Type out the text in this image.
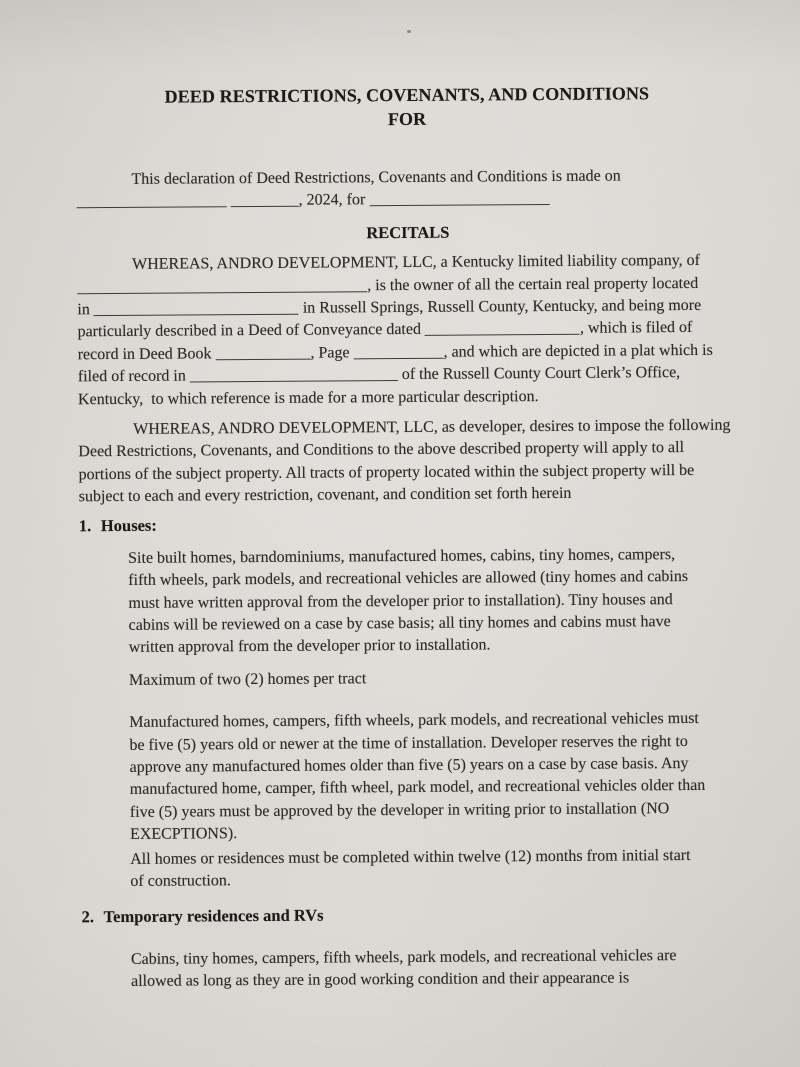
DEED RESTRICTIONS, COVENANTS, AND CONDITIONS
FOR
This declaration of Deed Restrictions, Covenants and Conditions is made on
, 2024, for
RECITALS
WHEREAS, ANDRO DEVELOPMENT, LLC, a Kentucky limited liability company, of
, is the owner of all the certain real property located
in	in Russell Springs, Russell County, Kentucky, and being more
particularly described in a Deed of Conveyance dated	, which is filed of
record in Deed Book	, Page	, and which are depicted in a plat which is
filed of record in	of the Russell County Court Clerk’s Office,
Kentucky,  to which reference is made for a more particular description.
WHEREAS, ANDRO DEVELOPMENT, LLC, as developer, desires to impose the following
Deed Restrictions, Covenants, and Conditions to the above described property will apply to all
portions of the subject property. All tracts of property located within the subject property will be
subject to each and every restriction, covenant, and condition set forth herein
1. Houses:
Site built homes, barndominiums, manufactured homes, cabins, tiny homes, campers,
fifth wheels, park models, and recreational vehicles are allowed (tiny homes and cabins
must have written approval from the developer prior to installation). Tiny houses and
cabins will be reviewed on a case by case basis; all tiny homes and cabins must have
written approval from the developer prior to installation.
Maximum of two (2) homes per tract
Manufactured homes, campers, fifth wheels, park models, and recreational vehicles must
be five (5) years old or newer at the time of installation. Developer reserves the right to
approve any manufactured homes older than five (5) years on a case by case basis. Any
manufactured home, camper, fifth wheel, park model, and recreational vehicles older than
five (5) years must be approved by the developer in writing prior to installation (NO
EXECPTIONS).
All homes or residences must be completed within twelve (12) months from initial start
of construction.
2. Temporary residences and RVs
Cabins, tiny homes, campers, fifth wheels, park models, and recreational vehicles are
allowed as long as they are in good working condition and their appearance is
